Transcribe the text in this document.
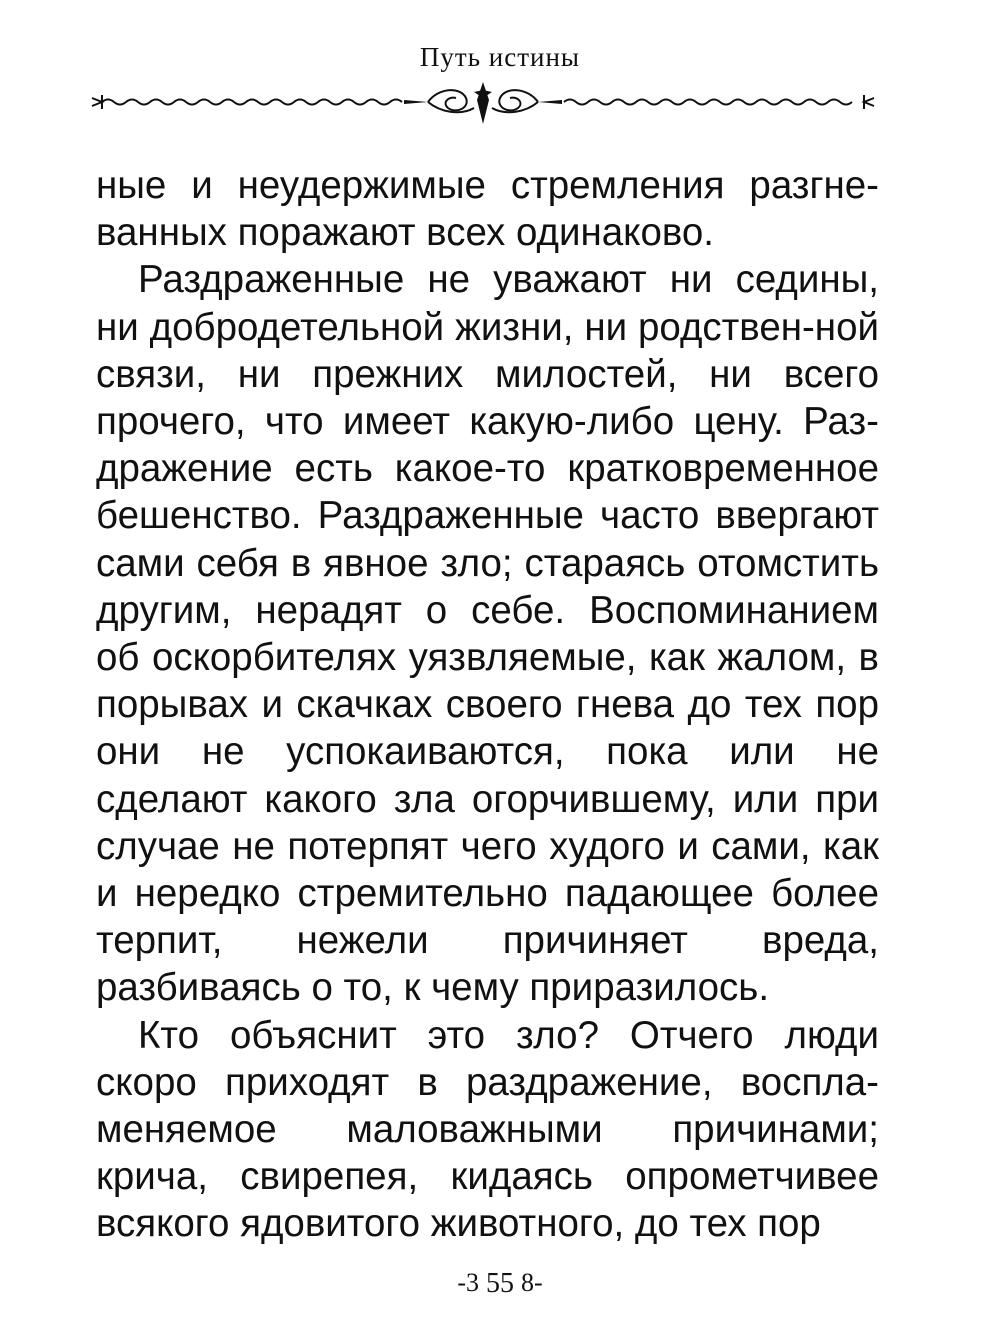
Путь истины

ные и неудержимые стремления разгне-ванных поражают всех одинаково.

Раздраженные не уважают ни седины, ни добродетельной жизни, ни родствен-ной связи, ни прежних милостей, ни всего прочего, что имеет какую-либо цену. Раз-дражение есть какое-то кратковременное бешенство. Раздраженные часто ввергают сами себя в явное зло; стараясь отомстить другим, нерадят о себе. Воспоминанием об оскорбителях уязвляемые, как жалом, в порывах и скачках своего гнева до тех пор они не успокаиваются, пока или не сделают какого зла огорчившему, или при случае не потерпят чего худого и сами, как и нередко стремительно падающее более терпит, нежели причиняет вреда, разбиваясь о то, к чему приразилось.

Кто объяснит это зло? Отчего люди скоро приходят в раздражение, воспла-меняемое маловажными причинами; крича, свирепея, кидаясь опрометчивее всякого ядовитого животного, до тех пор

-3 55 8-
